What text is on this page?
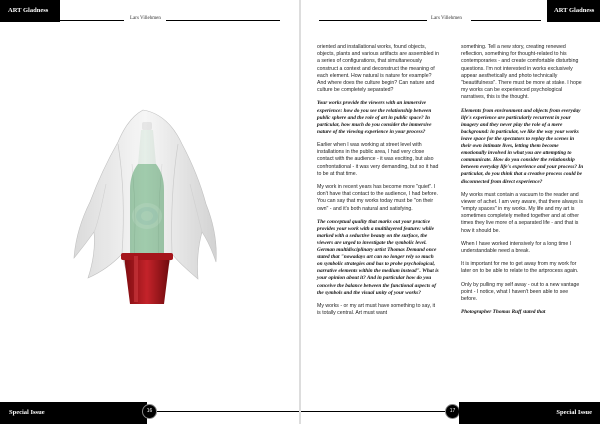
ART Gladness
Lars Villehmen
Special Issue	16
Lars Villehmen
ART Gladness

oriented and installational works, found objects, objects, plants and various artifacts are assembled in a series of configurations, that simultaneously construct a context and deconstruct the meaning of each element. How natural is nature for example? And where does the culture begin? Can nature and culture be completely separated?

Your works provide the viewers with an immersive experience: how do you see the relationship between public sphere and the role of art in public space? In particular, how much do you consider the immersive nature of the viewing experience in your process?

Earlier when I was working at street level with installations in the public area, I had very close contact with the audience - it was exciting, but also confrontational - it was very demanding, but so it had to be at that time.

My work in recent years has become more "quiet". I don't have that contact to the audience, I had before. You can say that my works today must be "on their own" - and it's both natural and satisfying.

The conceptual quality that marks out your practice provides your work with a multilayered feature: while marked with a seductive beauty on the surface, the viewers are urged to investigate the symbolic level. German multidisciplinary artist Thomas Demand once stated that "nowadays art can no longer rely so much on symbolic strategies and has to probe psychological, narrative elements within the medium instead". What is your opinion about it? And in particular how do you conceive the balance between the functional aspects of the symbols and the visual unity of your works?

My works - or my art must have something to say, it is totally central. Art must want

something. Tell a new story, creating renewed reflection, something for thought-related to his contemporaries - and create comfortable disturbing questions. I'm not interested in works exclusively appear aesthetically and photo technically "beautifulness". There must be more at stake. I hope my works can be experienced psychological narratives, this is the thought.

Elements from environment and objects from everyday life's experience are particularly recurrent in your imagery and they never play the role of a mere background: in particular, we like the way your works leave space for the spectators to replay the scenes in their own intimate lives, letting them become emotionally involved in what you are attempting to communicate. How do you consider the relationship between everyday life's experience and your process? In particular, do you think that a creative process could be disconnected from direct experience?

My works must contain a vacuum to the reader and viewer of achet. I am very aware, that there always is "empty spaces" in my works. My life and my art is sometimes completely melted together and at other times they live more of a separated life - and that is how it should be.

When I have worked intensively for a long time I understandable need a break.

It is important for me to get away from my work for later on to be able to relate to the artprocess again.

Only by pulling my self away - out to a new vantage point - I notice, what I haven't been able to see before.

Photographer Thomas Ruff stated that

17	Special Issue
